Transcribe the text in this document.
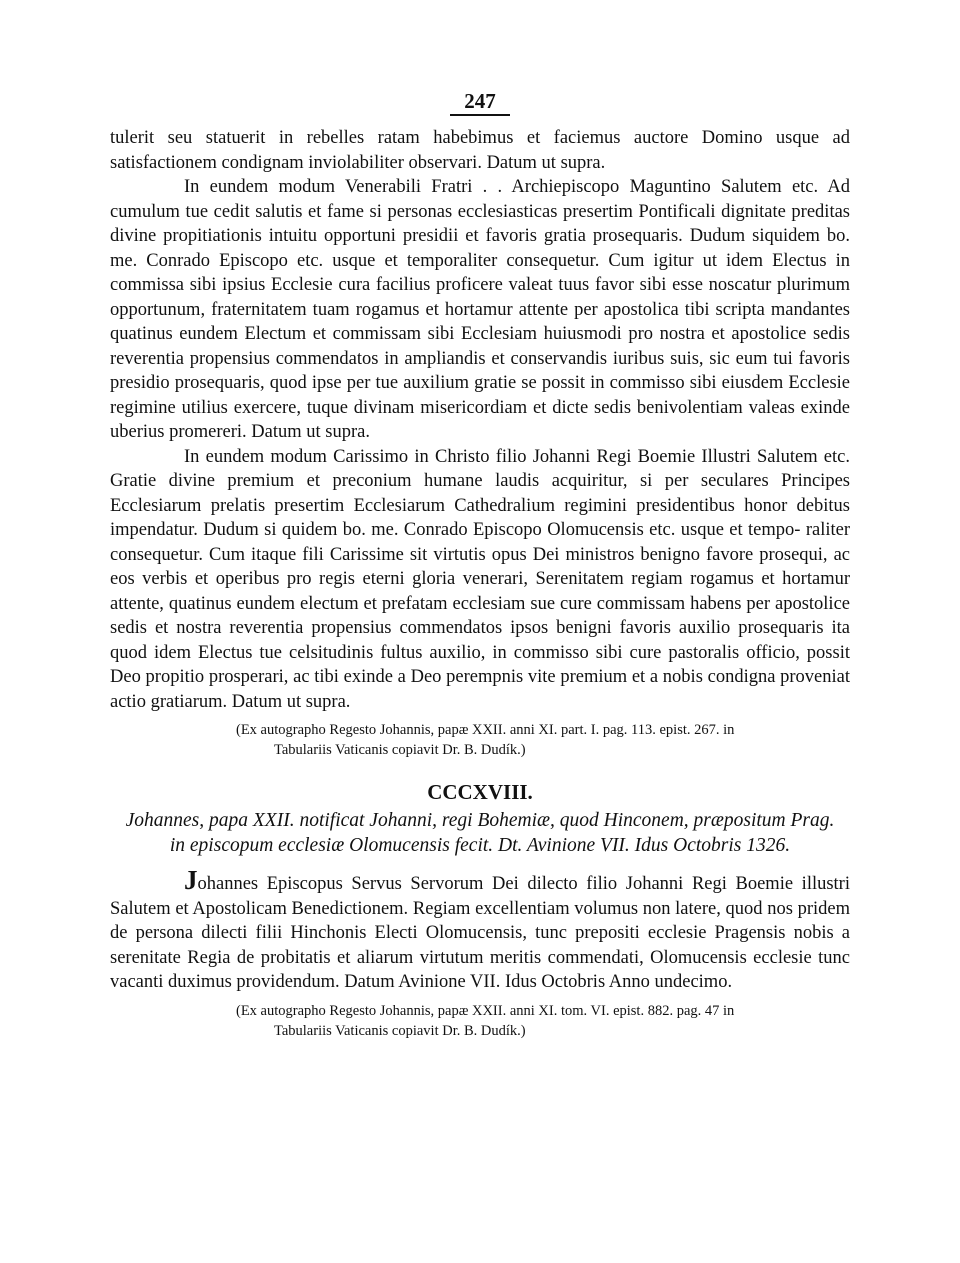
247

tulerit seu statuerit in rebelles ratam habebimus et faciemus auctore Domino usque ad satisfactionem condignam inviolabiliter observari. Datum ut supra.

In eundem modum Venerabili Fratri . . Archiepiscopo Maguntino Salutem etc. Ad cumulum tue cedit salutis et fame si personas ecclesiasticas presertim Pontificali dignitate preditas divine propitiationis intuitu opportuni presidii et favoris gratia prosequaris. Dudum siquidem bo. me. Conrado Episcopo etc. usque et temporaliter consequetur. Cum igitur ut idem Electus in commissa sibi ipsius Ecclesie cura facilius proficere valeat tuus favor sibi esse noscatur plurimum opportunum, fraternitatem tuam rogamus et hortamur attente per apostolica tibi scripta mandantes quatinus eundem Electum et commissam sibi Ecclesiam huiusmodi pro nostra et apostolice sedis reverentia propensius commendatos in ampliandis et conservandis iuribus suis, sic eum tui favoris presidio prosequaris, quod ipse per tue auxilium gratie se possit in commisso sibi eiusdem Ecclesie regimine utilius exercere, tuque divinam misericordiam et dicte sedis benivolentiam valeas exinde uberius promereri. Datum ut supra.

In eundem modum Carissimo in Christo filio Johanni Regi Boemie Illustri Salutem etc. Gratie divine premium et preconium humane laudis acquiritur, si per seculares Principes Ecclesiarum prelatis presertim Ecclesiarum Cathedralium regimini presidentibus honor debitus impendatur. Dudum si quidem bo. me. Conrado Episcopo Olomucensis etc. usque et tempo- raliter consequetur. Cum itaque fili Carissime sit virtutis opus Dei ministros benigno favore prosequi, ac eos verbis et operibus pro regis eterni gloria venerari, Serenitatem regiam rogamus et hortamur attente, quatinus eundem electum et prefatam ecclesiam sue cure commissam habens per apostolice sedis et nostra reverentia propensius commendatos ipsos benigni favoris auxilio prosequaris ita quod idem Electus tue celsitudinis fultus auxilio, in commisso sibi cure pastoralis officio, possit Deo propitio prosperari, ac tibi exinde a Deo perempnis vite premium et a nobis condigna proveniat actio gratiarum. Datum ut supra.

(Ex autographo Regesto Johannis, papæ XXII. anni XI. part. I. pag. 113. epist. 267. in
Tabulariis Vaticanis copiavit Dr. B. Dudík.)
CCCXVIII.
Johannes, papa XXII. notificat Johanni, regi Bohemiæ, quod Hinconem, præpositum Prag.
in episcopum ecclesiæ Olomucensis fecit. Dt. Avinione VII. Idus Octobris 1326.

Johannes Episcopus Servus Servorum Dei dilecto filio Johanni Regi Boemie illustri Salutem et Apostolicam Benedictionem. Regiam excellentiam volumus non latere, quod nos pridem de persona dilecti filii Hinchonis Electi Olomucensis, tunc prepositi ecclesie Pragensis nobis a serenitate Regia de probitatis et aliarum virtutum meritis commendati, Olomucensis ecclesie tunc vacanti duximus providendum. Datum Avinione VII. Idus Octobris Anno undecimo.

(Ex autographo Regesto Johannis, papæ XXII. anni XI. tom. VI. epist. 882. pag. 47 in
Tabulariis Vaticanis copiavit Dr. B. Dudík.)
